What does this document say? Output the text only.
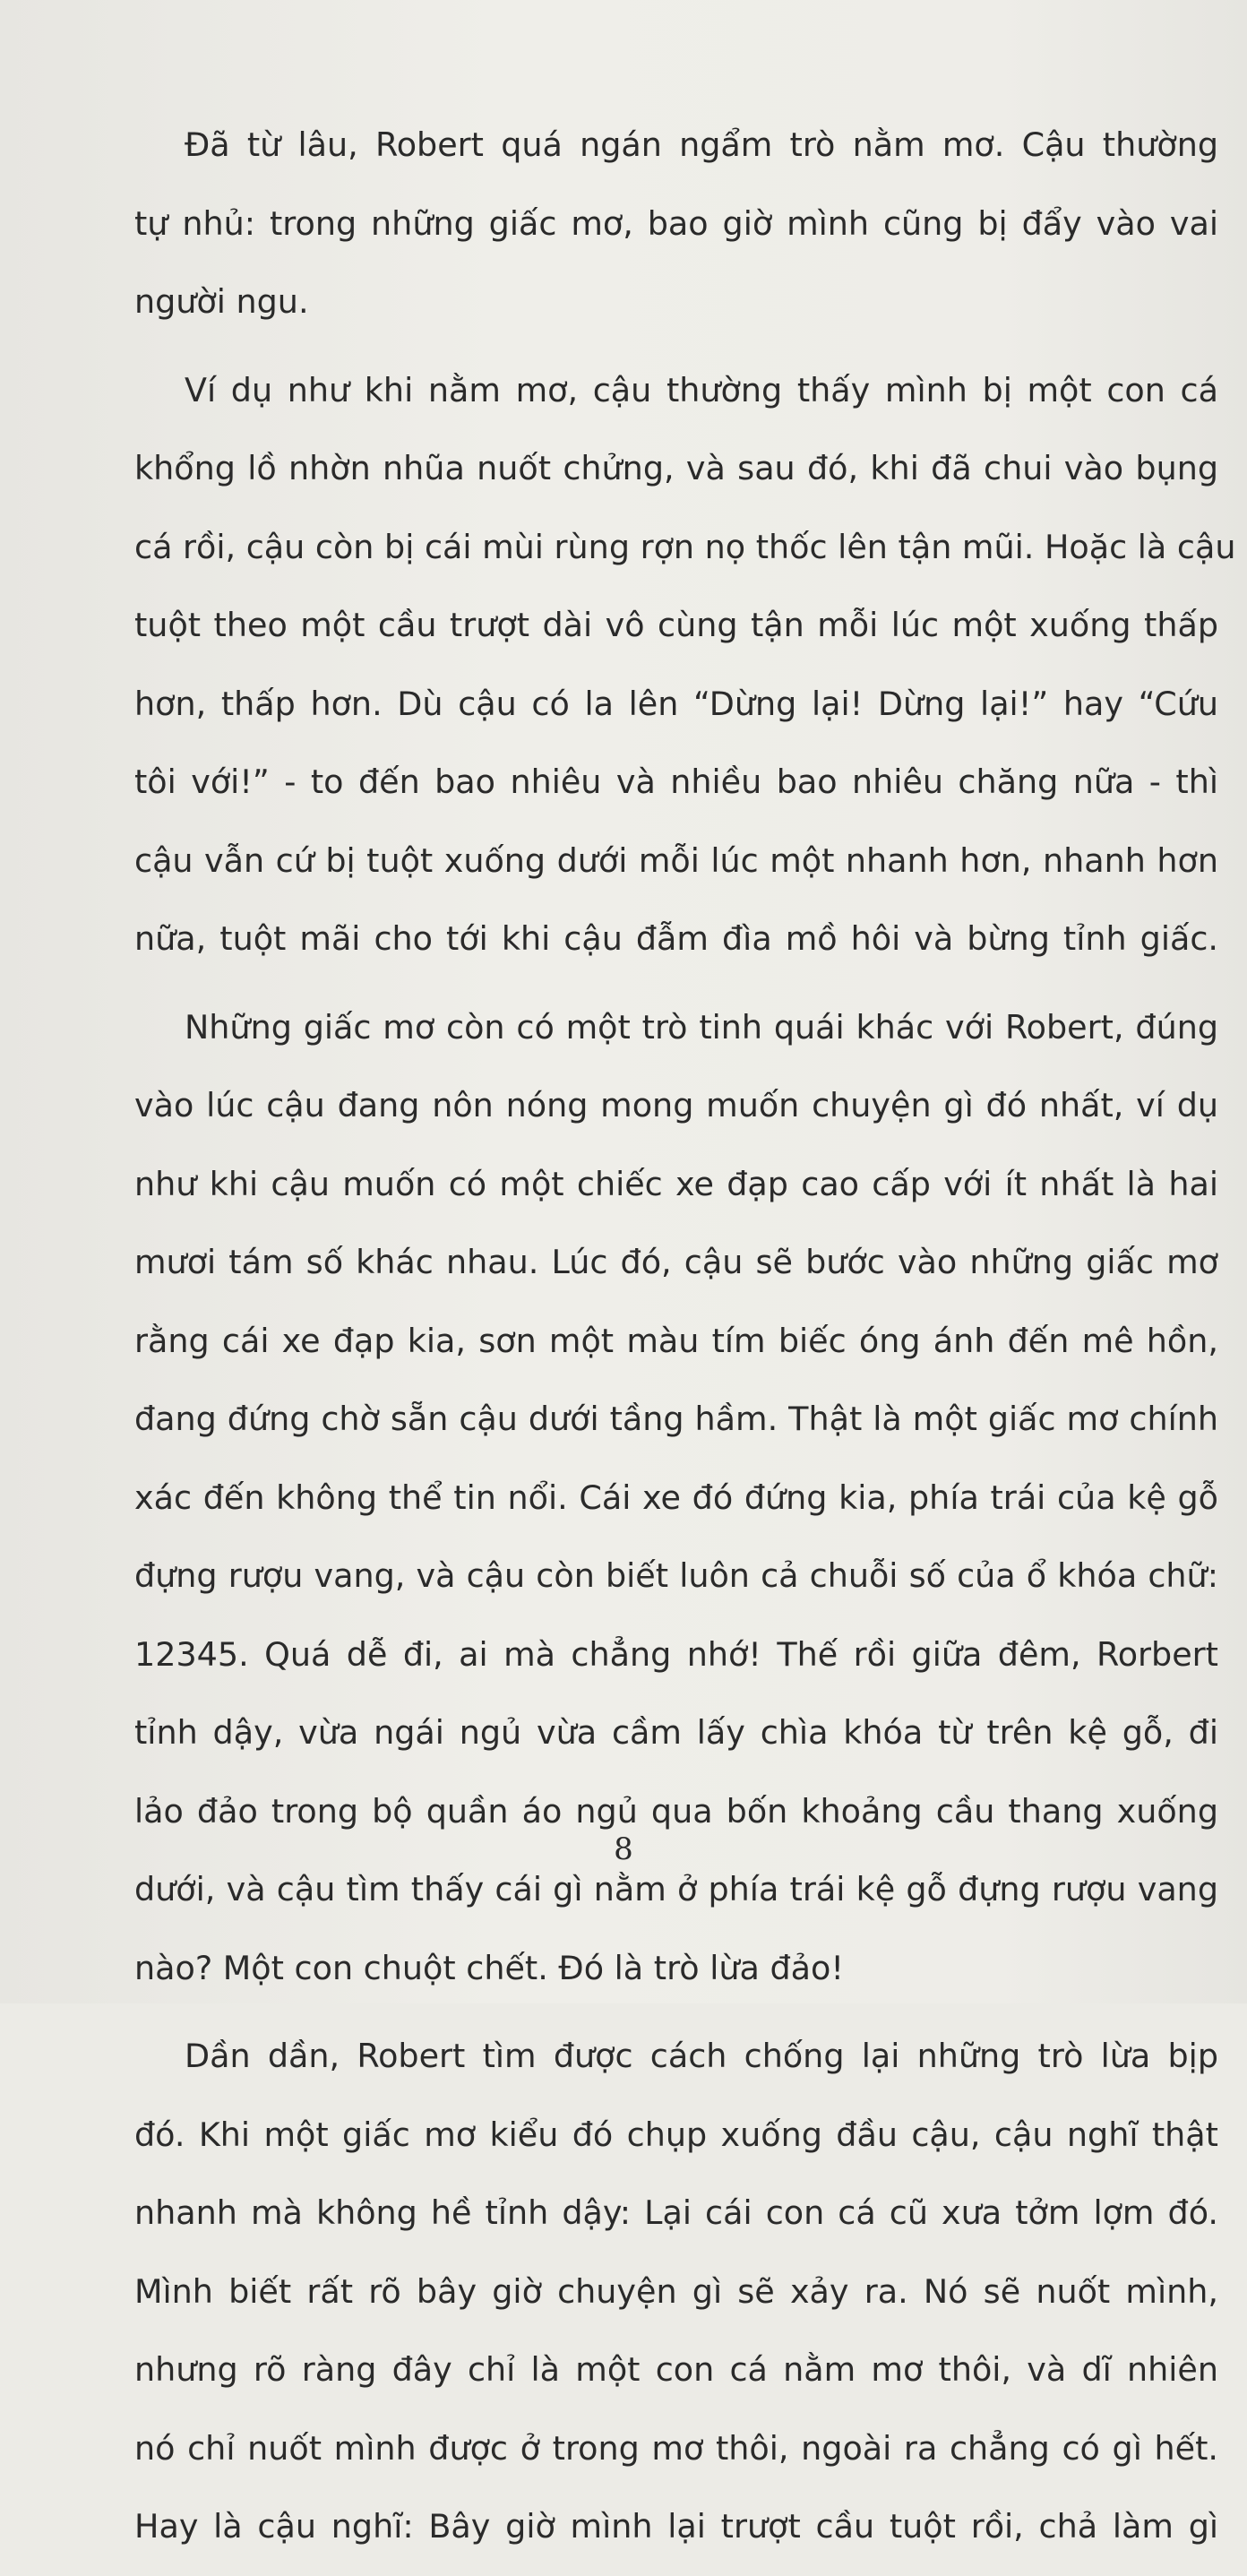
Đã từ lâu, Robert quá ngán ngẩm trò nằm mơ. Cậu thường
tự nhủ: trong những giấc mơ, bao giờ mình cũng bị đẩy vào vai
người ngu.

Ví dụ như khi nằm mơ, cậu thường thấy mình bị một con cá
khổng lồ nhờn nhũa nuốt chửng, và sau đó, khi đã chui vào bụng
cá rồi, cậu còn bị cái mùi rùng rợn nọ thốc lên tận mũi. Hoặc là cậu
tuột theo một cầu trượt dài vô cùng tận mỗi lúc một xuống thấp
hơn, thấp hơn. Dù cậu có la lên “Dừng lại! Dừng lại!” hay “Cứu
tôi với!” - to đến bao nhiêu và nhiều bao nhiêu chăng nữa - thì
cậu vẫn cứ bị tuột xuống dưới mỗi lúc một nhanh hơn, nhanh hơn
nữa, tuột mãi cho tới khi cậu đẫm đìa mồ hôi và bừng tỉnh giấc.

Những giấc mơ còn có một trò tinh quái khác với Robert, đúng
vào lúc cậu đang nôn nóng mong muốn chuyện gì đó nhất, ví dụ
như khi cậu muốn có một chiếc xe đạp cao cấp với ít nhất là hai
mươi tám số khác nhau. Lúc đó, cậu sẽ bước vào những giấc mơ
rằng cái xe đạp kia, sơn một màu tím biếc óng ánh đến mê hồn,
đang đứng chờ sẵn cậu dưới tầng hầm. Thật là một giấc mơ chính
xác đến không thể tin nổi. Cái xe đó đứng kia, phía trái của kệ gỗ
đựng rượu vang, và cậu còn biết luôn cả chuỗi số của ổ khóa chữ:
12345. Quá dễ đi, ai mà chẳng nhớ! Thế rồi giữa đêm, Rorbert
tỉnh dậy, vừa ngái ngủ vừa cầm lấy chìa khóa từ trên kệ gỗ, đi
lảo đảo trong bộ quần áo ngủ qua bốn khoảng cầu thang xuống
dưới, và cậu tìm thấy cái gì nằm ở phía trái kệ gỗ đựng rượu vang
nào? Một con chuột chết. Đó là trò lừa đảo!

Dần dần, Robert tìm được cách chống lại những trò lừa bịp
đó. Khi một giấc mơ kiểu đó chụp xuống đầu cậu, cậu nghĩ thật
nhanh mà không hề tỉnh dậy: Lại cái con cá cũ xưa tởm lợm đó.
Mình biết rất rõ bây giờ chuyện gì sẽ xảy ra. Nó sẽ nuốt mình,
nhưng rõ ràng đây chỉ là một con cá nằm mơ thôi, và dĩ nhiên
nó chỉ nuốt mình được ở trong mơ thôi, ngoài ra chẳng có gì hết.
Hay là cậu nghĩ: Bây giờ mình lại trượt cầu tuột rồi, chả làm gì

8
